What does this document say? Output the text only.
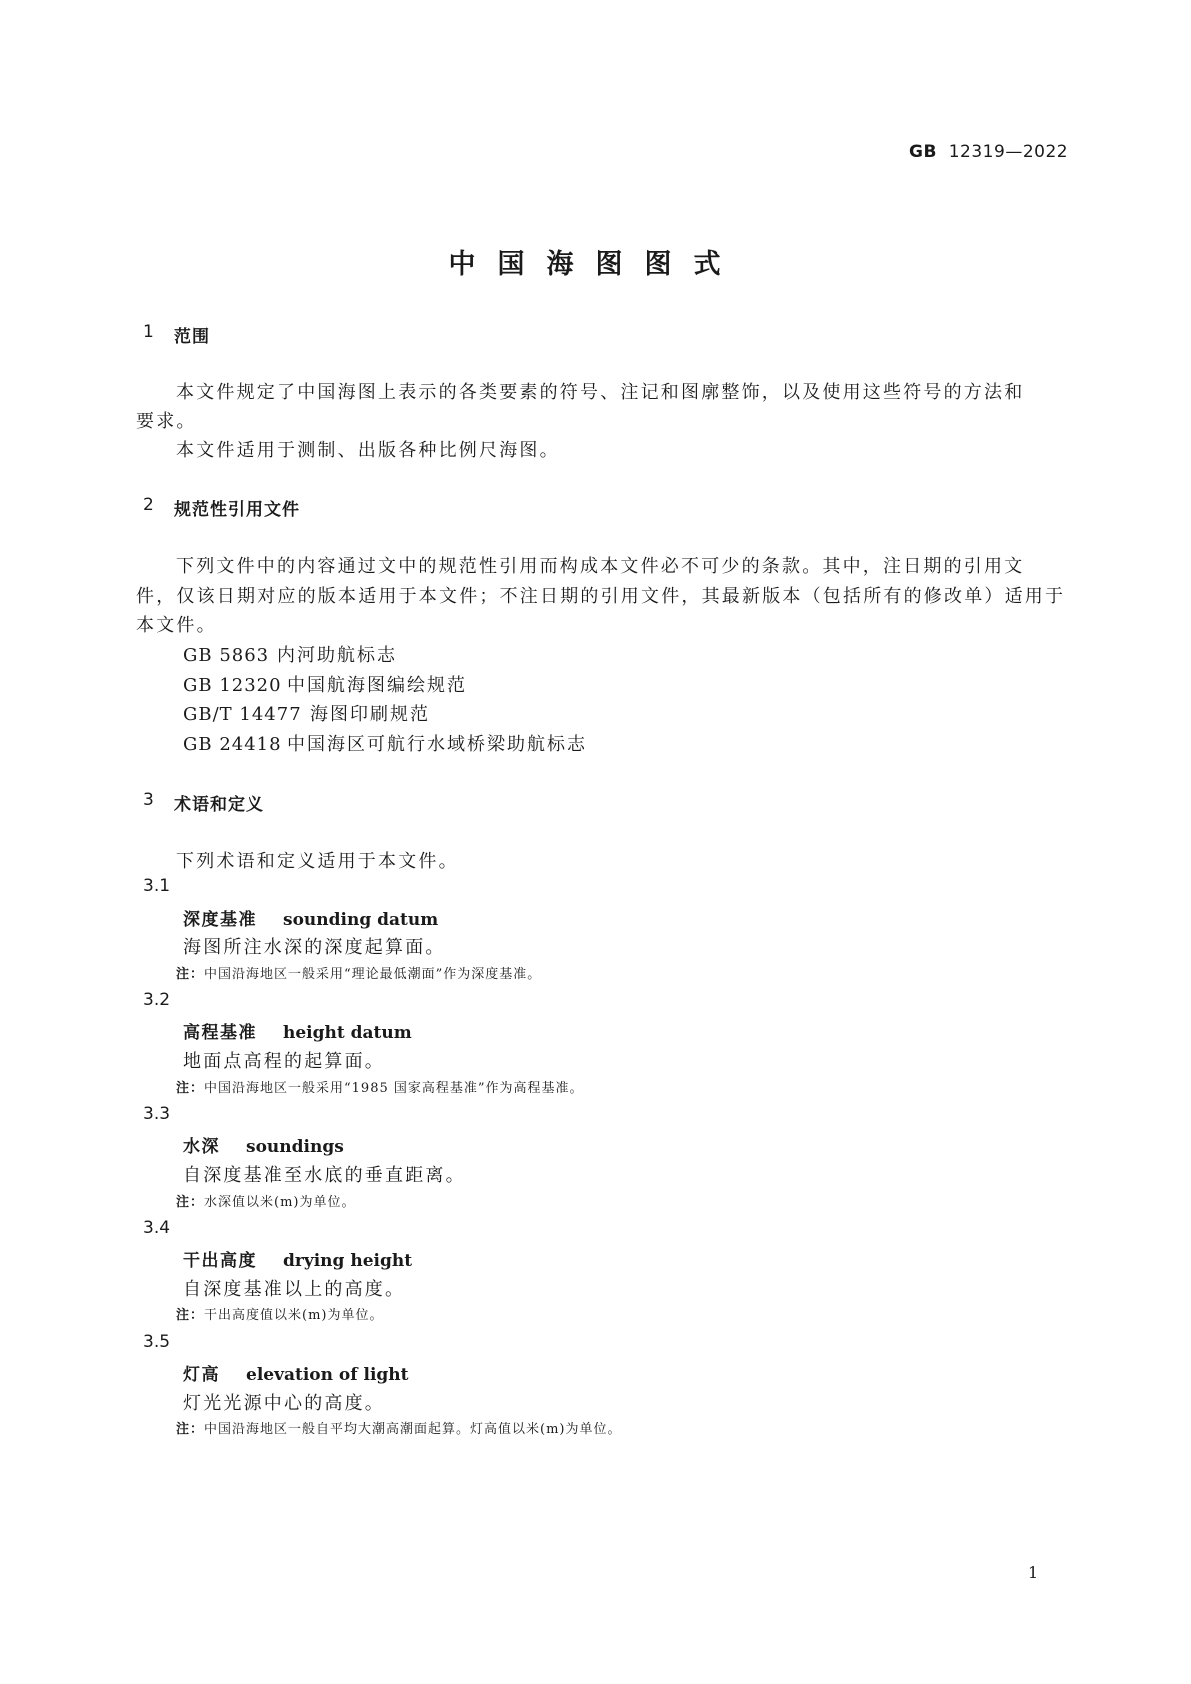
GB 12319—2022
中国海图图式
1 范围
本文件规定了中国海图上表示的各类要素的符号、注记和图廓整饰，以及使用这些符号的方法和
要求。
本文件适用于测制、出版各种比例尺海图。
2 规范性引用文件
下列文件中的内容通过文中的规范性引用而构成本文件必不可少的条款。其中，注日期的引用文
件，仅该日期对应的版本适用于本文件；不注日期的引用文件，其最新版本（包括所有的修改单）适用于
本文件。
GB 5863 内河助航标志
GB 12320 中国航海图编绘规范
GB/T 14477 海图印刷规范
GB 24418 中国海区可航行水域桥梁助航标志
3 术语和定义
下列术语和定义适用于本文件。
3.1
深度基准 sounding datum
海图所注水深的深度起算面。
注：中国沿海地区一般采用“理论最低潮面”作为深度基准。
3.2
高程基准 height datum
地面点高程的起算面。
注：中国沿海地区一般采用“1985 国家高程基准”作为高程基准。
3.3
水深 soundings
自深度基准至水底的垂直距离。
注：水深值以米(m)为单位。
3.4
干出高度 drying height
自深度基准以上的高度。
注：干出高度值以米(m)为单位。
3.5
灯高 elevation of light
灯光光源中心的高度。
注：中国沿海地区一般自平均大潮高潮面起算。灯高值以米(m)为单位。
1
